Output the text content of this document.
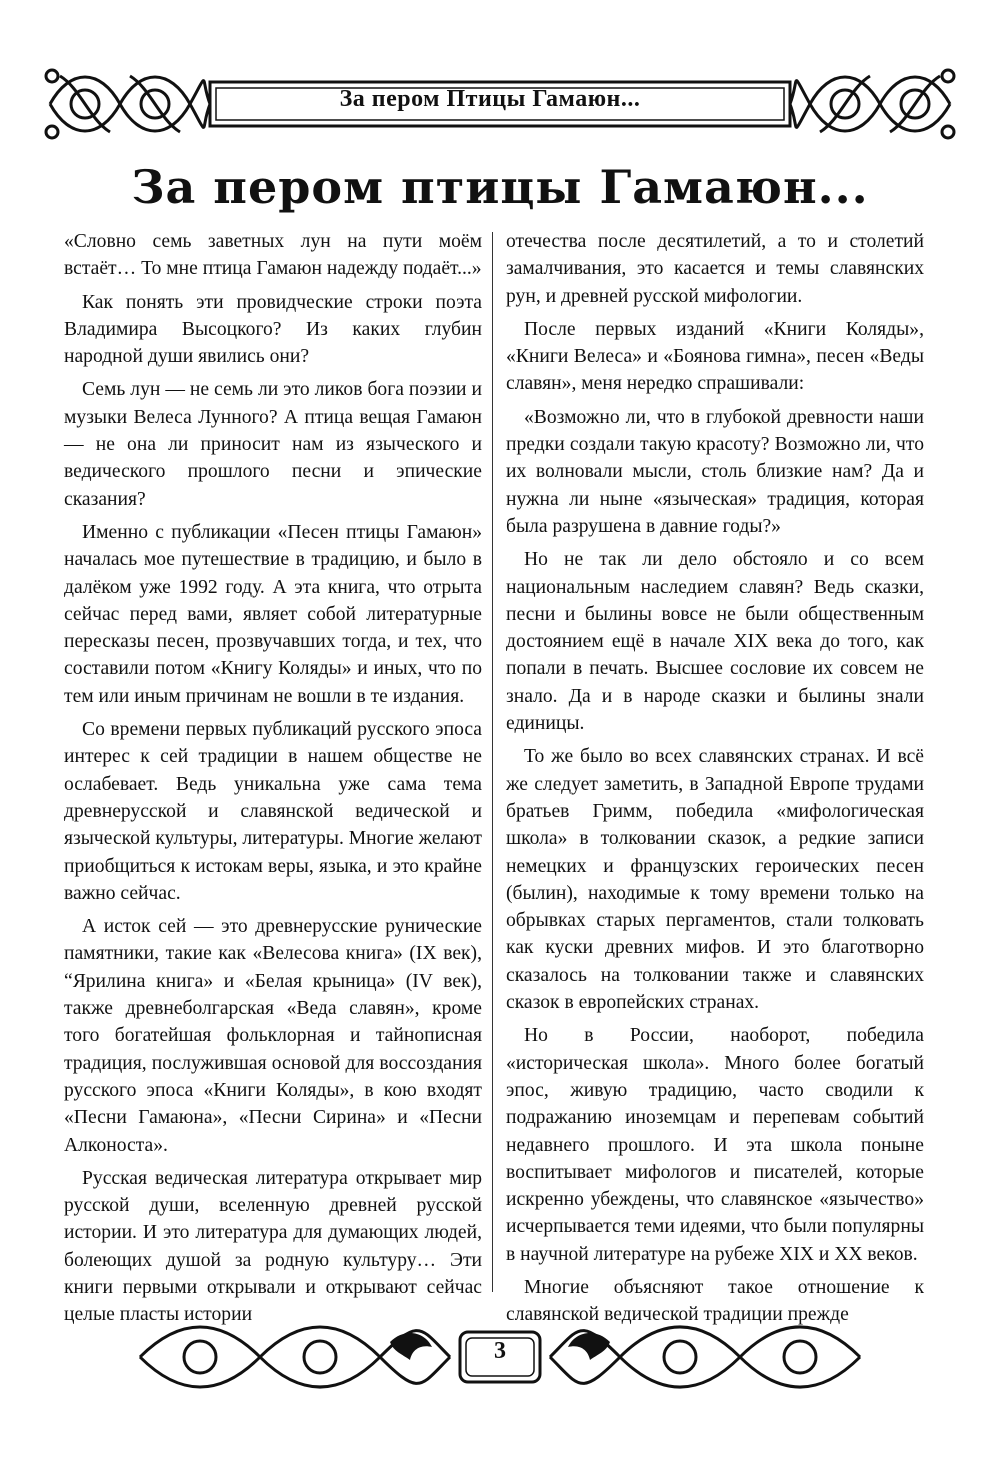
За пером Птицы Гамаюн...
За пером птицы Гамаюн...

«Словно семь заветных лун на пути моём встаёт… То мне птица Гамаюн надежду подаёт...»

Как понять эти провидческие строки поэта Владимира Высоцкого? Из каких глубин народной души явились они?

Семь лун — не семь ли это ликов бога поэзии и музыки Велеса Лунного? А птица вещая Гамаюн — не она ли приносит нам из языческого и ведического прошлого песни и эпические сказания?

Именно с публикации «Песен птицы Гамаюн» началась мое путешествие в традицию, и было в далёком уже 1992 году. А эта книга, что отрыта сейчас перед вами, являет собой литературные пересказы песен, прозвучавших тогда, и тех, что составили потом «Книгу Коляды» и иных, что по тем или иным причинам не вошли в те издания.

Со времени первых публикаций русского эпоса интерес к сей традиции в нашем обществе не ослабевает. Ведь уникальна уже сама тема древнерусской и славянской ведической и языческой культуры, литературы. Многие желают приобщиться к истокам веры, языка, и это крайне важно сейчас.

А исток сей — это древнерусские рунические памятники, такие как «Велесова книга» (IX век), “Ярилина книга» и «Белая крыница» (IV век), также древнеболгарская «Веда славян», кроме того богатейшая фольклорная и тайнописная традиция, послужившая основой для воссоздания русского эпоса «Книги Коляды», в кою входят «Песни Гамаюна», «Песни Сирина» и «Песни Алконоста».

Русская ведическая литература открывает мир русской души, вселенную древней русской истории. И это литература для думающих людей, болеющих душой за родную культуру… Эти книги первыми открывали и открывают сейчас целые пласты истории

отечества после десятилетий, а то и столетий замалчивания, это касается и темы славянских рун, и древней русской мифологии.

После первых изданий «Книги Коляды», «Книги Велеса» и «Боянова гимна», песен «Веды славян», меня нередко спрашивали:

«Возможно ли, что в глубокой древности наши предки создали такую красоту? Возможно ли, что их волновали мысли, столь близкие нам? Да и нужна ли ныне «языческая» традиция, которая была разрушена в давние годы?»

Но не так ли дело обстояло и со всем национальным наследием славян? Ведь сказки, песни и былины вовсе не были общественным достоянием ещё в начале XIX века до того, как попали в печать. Высшее сословие их совсем не знало. Да и в народе сказки и былины знали единицы.

То же было во всех славянских странах. И всё же следует заметить, в Западной Европе трудами братьев Гримм, победила «мифологическая школа» в толковании сказок, а редкие записи немецких и французских героических песен (былин), находимые к тому времени только на обрывках старых пергаментов, стали толковать как куски древних мифов. И это благотворно сказалось на толковании также и славянских сказок в европейских странах.

Но в России, наоборот, победила «историческая школа». Много более богатый эпос, живую традицию, часто сводили к подражанию иноземцам и перепевам событий недавнего прошлого. И эта школа поныне воспитывает мифологов и писателей, которые искренно убеждены, что славянское «язычество» исчерпывается теми идеями, что были популярны в научной литературе на рубеже XIX и XX веков.

Многие объясняют такое отношение к славянской ведической традиции прежде

3
